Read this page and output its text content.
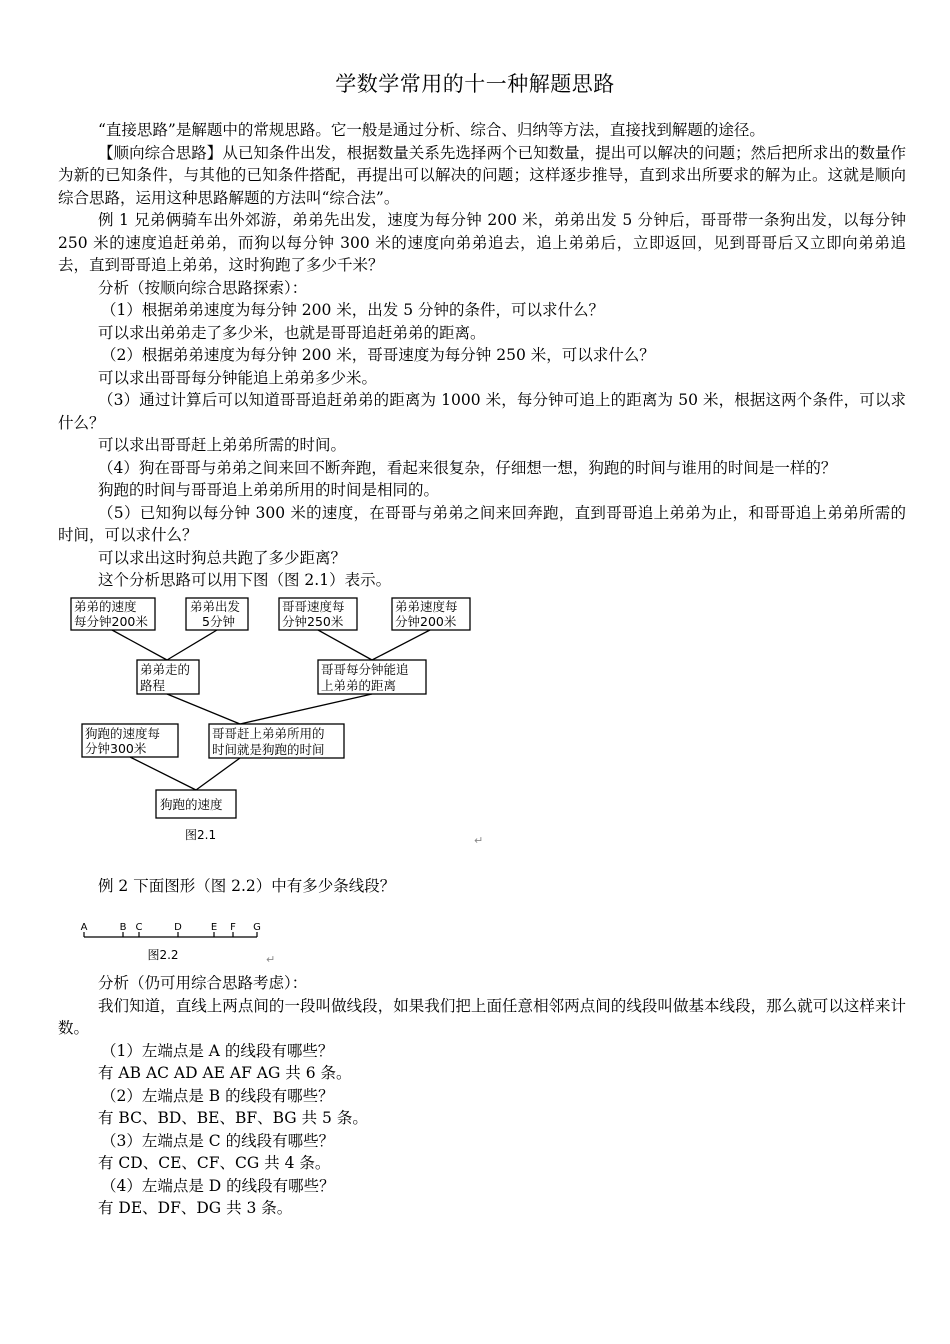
学数学常用的十一种解题思路

“直接思路”是解题中的常规思路。它一般是通过分析、综合、归纳等方法，直接找到解题的途径。

【顺向综合思路】从已知条件出发，根据数量关系先选择两个已知数量，提出可以解决的问题；然后把所求出的数量作为新的已知条件，与其他的已知条件搭配，再提出可以解决的问题；这样逐步推导，直到求出所要求的解为止。这就是顺向综合思路，运用这种思路解题的方法叫“综合法”。

例 1 兄弟俩骑车出外郊游，弟弟先出发，速度为每分钟 200 米，弟弟出发 5 分钟后，哥哥带一条狗出发，以每分钟 250 米的速度追赶弟弟，而狗以每分钟 300 米的速度向弟弟追去，追上弟弟后，立即返回，见到哥哥后又立即向弟弟追去，直到哥哥追上弟弟，这时狗跑了多少千米？

分析（按顺向综合思路探索）：

（1）根据弟弟速度为每分钟 200 米，出发 5 分钟的条件，可以求什么？

可以求出弟弟走了多少米，也就是哥哥追赶弟弟的距离。

（2）根据弟弟速度为每分钟 200 米，哥哥速度为每分钟 250 米，可以求什么？

可以求出哥哥每分钟能追上弟弟多少米。

（3）通过计算后可以知道哥哥追赶弟弟的距离为 1000 米，每分钟可追上的距离为 50 米，根据这两个条件，可以求什么？

可以求出哥哥赶上弟弟所需的时间。

（4）狗在哥哥与弟弟之间来回不断奔跑，看起来很复杂，仔细想一想，狗跑的时间与谁用的时间是一样的？

狗跑的时间与哥哥追上弟弟所用的时间是相同的。

（5）已知狗以每分钟 300 米的速度，在哥哥与弟弟之间来回奔跑，直到哥哥追上弟弟为止，和哥哥追上弟弟所需的时间，可以求什么？

可以求出这时狗总共跑了多少距离？

这个分析思路可以用下图（图 2.1）表示。

弟弟的速度
每分钟200米
弟弟出发
5分钟
哥哥速度每
分钟250米
弟弟速度每
分钟200米
弟弟走的
路程
哥哥每分钟能追
上弟弟的距离
狗跑的速度每
分钟300米
哥哥赶上弟弟所用的
时间就是狗跑的时间
狗跑的速度
图2.1	↵

例 2 下面图形（图 2.2）中有多少条线段？

A	B C	D	E F G
图2.2	↵

分析（仍可用综合思路考虑）：

我们知道，直线上两点间的一段叫做线段，如果我们把上面任意相邻两点间的线段叫做基本线段，那么就可以这样来计数。

（1）左端点是 A 的线段有哪些？

有 AB AC AD AE AF AG 共 6 条。

（2）左端点是 B 的线段有哪些？

有 BC、BD、BE、BF、BG 共 5 条。

（3）左端点是 C 的线段有哪些？

有 CD、CE、CF、CG 共 4 条。

（4）左端点是 D 的线段有哪些？

有 DE、DF、DG 共 3 条。
